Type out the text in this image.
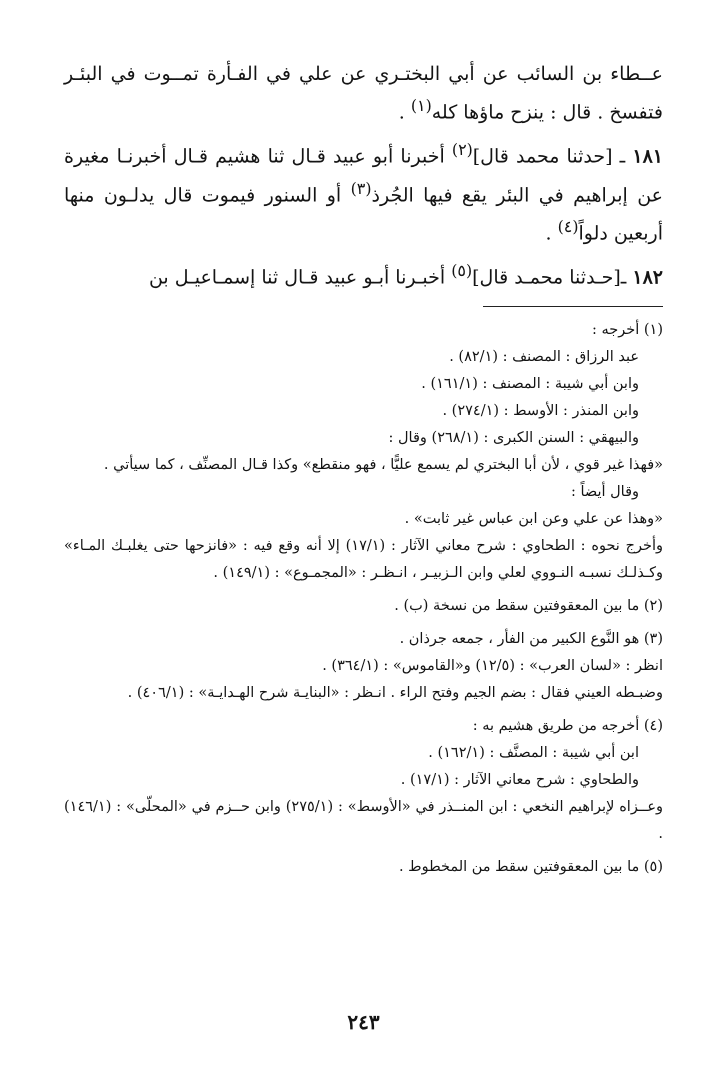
عــطاء بن السائب عن أبي البختـري عن علي في الفـأرة تمــوت في البئـر فتفسخ . قال : ينزح ماؤها كله$^{(١)}$ .

١٨١ ـ [حدثنا محمد قال]$^{(٢)}$ أخبرنا أبو عبيد قـال ثنا هشيم قـال أخبرنـا مغيرة عن إبراهيم في البئر يقع فيها الجُرذ$^{(٣)}$ أو السنور فيموت قال يدلـون منها أربعين دلواً$^{(٤)}$ .

١٨٢ ـ[حـدثنا محمـد قال]$^{(٥)}$ أخبـرنا أبـو عبيد قـال ثنا إسمـاعيـل بن

(١) أخرجه :

عبد الرزاق : المصنف : (٨٢/١) .

وابن أبي شيبة : المصنف : (١٦١/١) .

وابن المنذر : الأوسط : (٢٧٤/١) .

والبيهقي : السنن الكبرى : (٢٦٨/١) وقال :

«فهذا غير قوي ، لأن أبا البختري لم يسمع عليًّا ، فهو منقطع» وكذا قـال المصنِّف ، كما سيأتي .

وقال أيضاً :

«وهذا عن علي وعن ابن عباس غير ثابت» .

وأخرج نحوه : الطحاوي : شرح معاني الآثار : (١٧/١) إلا أنه وقع فيه : «فانزحها حتى يغلبـك المـاء» وكـذلـك نسبـه النـووي لعلي وابن الـزبيـر ، انـظـر : «المجمـوع» : (١٤٩/١) .

(٢) ما بين المعقوفتين سقط من نسخة (ب) .

(٣) هو النَّوع الكبير من الفأر ، جمعه جرذان .

انظر : «لسان العرب» : (١٢/٥) و«القاموس» : (٣٦٤/١) .

وضبـطه العيني فقال : بضم الجيم وفتح الراء . انـظر : «البنايـة شرح الهـدايـة» : (٤٠٦/١) .

(٤) أخرجه من طريق هشيم به :

ابن أبي شيبة : المصنَّف : (١٦٢/١) .

والطحاوي : شرح معاني الآثار : (١٧/١) .

وعــزاه لإبراهيم النخعي : ابن المنــذر في «الأوسط» : (٢٧٥/١) وابن حــزم في «المحلّى» : (١٤٦/١) .

(٥) ما بين المعقوفتين سقط من المخطوط .

٢٤٣
